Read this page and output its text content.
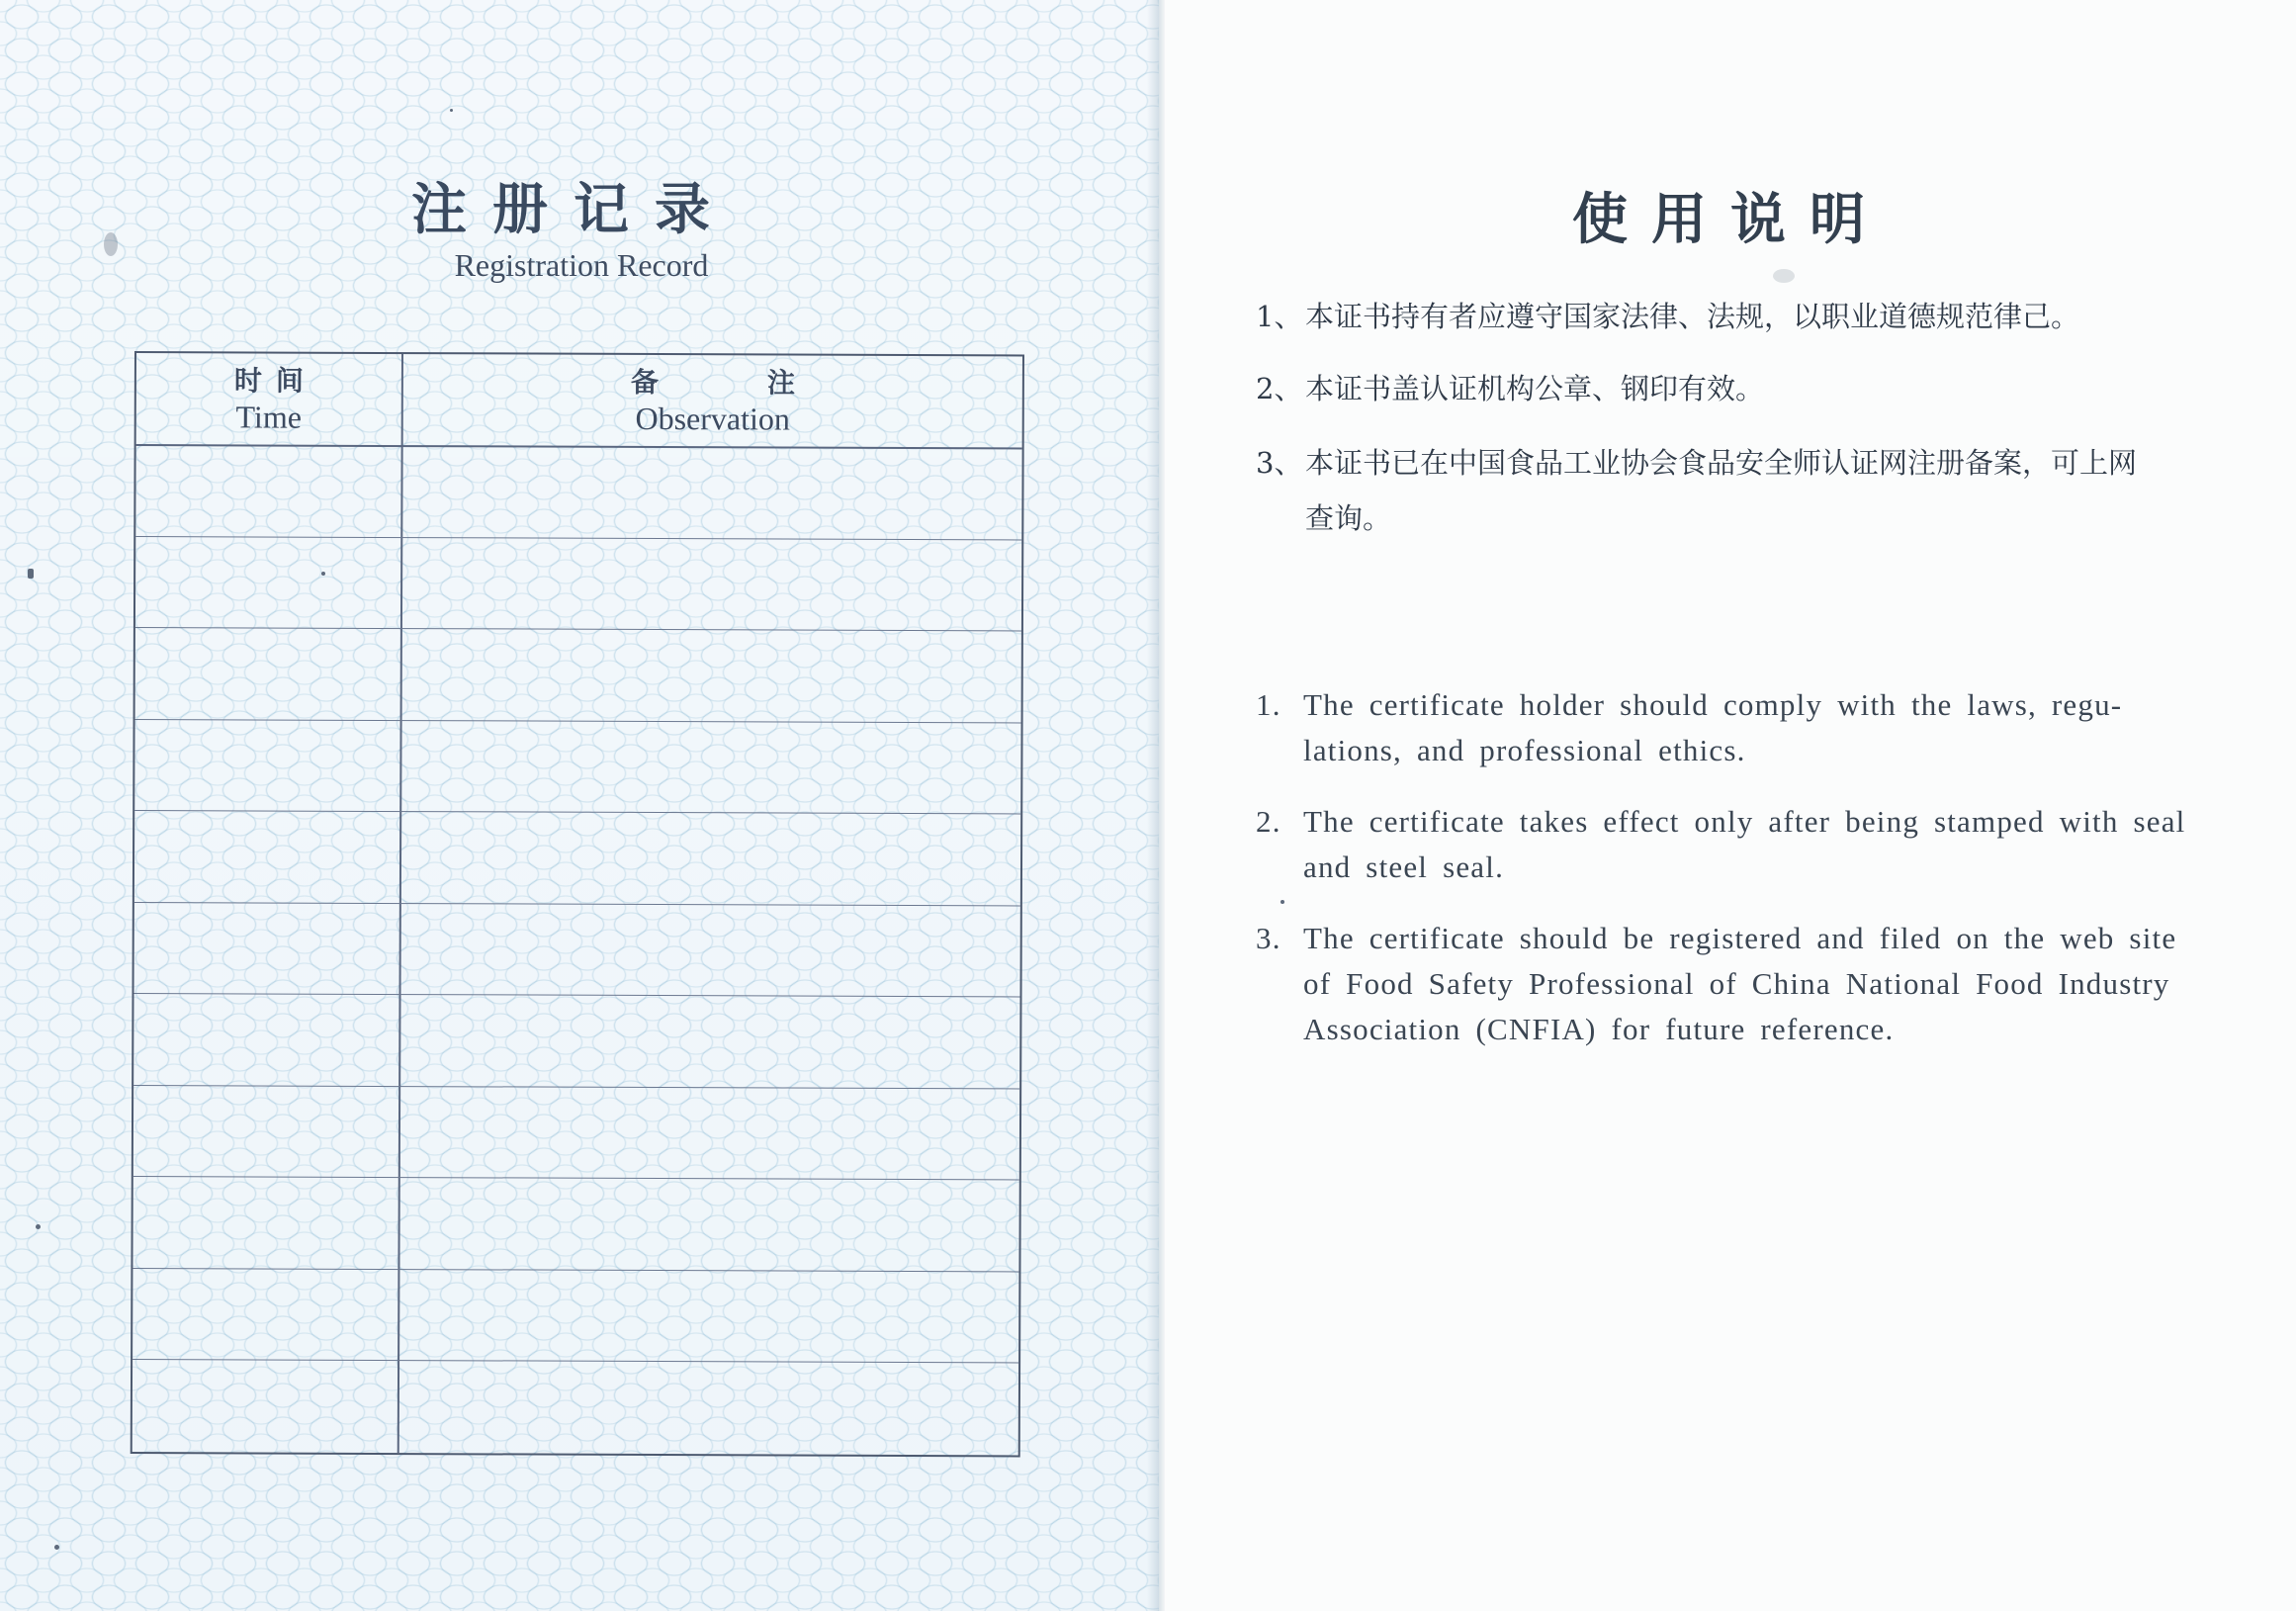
注册记录
Registration Record
时间
Time
备注
Observation
使用说明
1、本证书持有者应遵守国家法律、法规，以职业道德规范律己。
2、本证书盖认证机构公章、钢印有效。
3、本证书已在中国食品工业协会食品安全师认证网注册备案，可上网
查询。
1. The certificate holder should comply with the laws, regu-lations, and professional ethics.
2. The certificate takes effect only after being stamped with seal and steel seal.
3. The certificate should be registered and filed on the web site of Food Safety Professional of China National Food Industry Association (CNFIA) for future reference.
